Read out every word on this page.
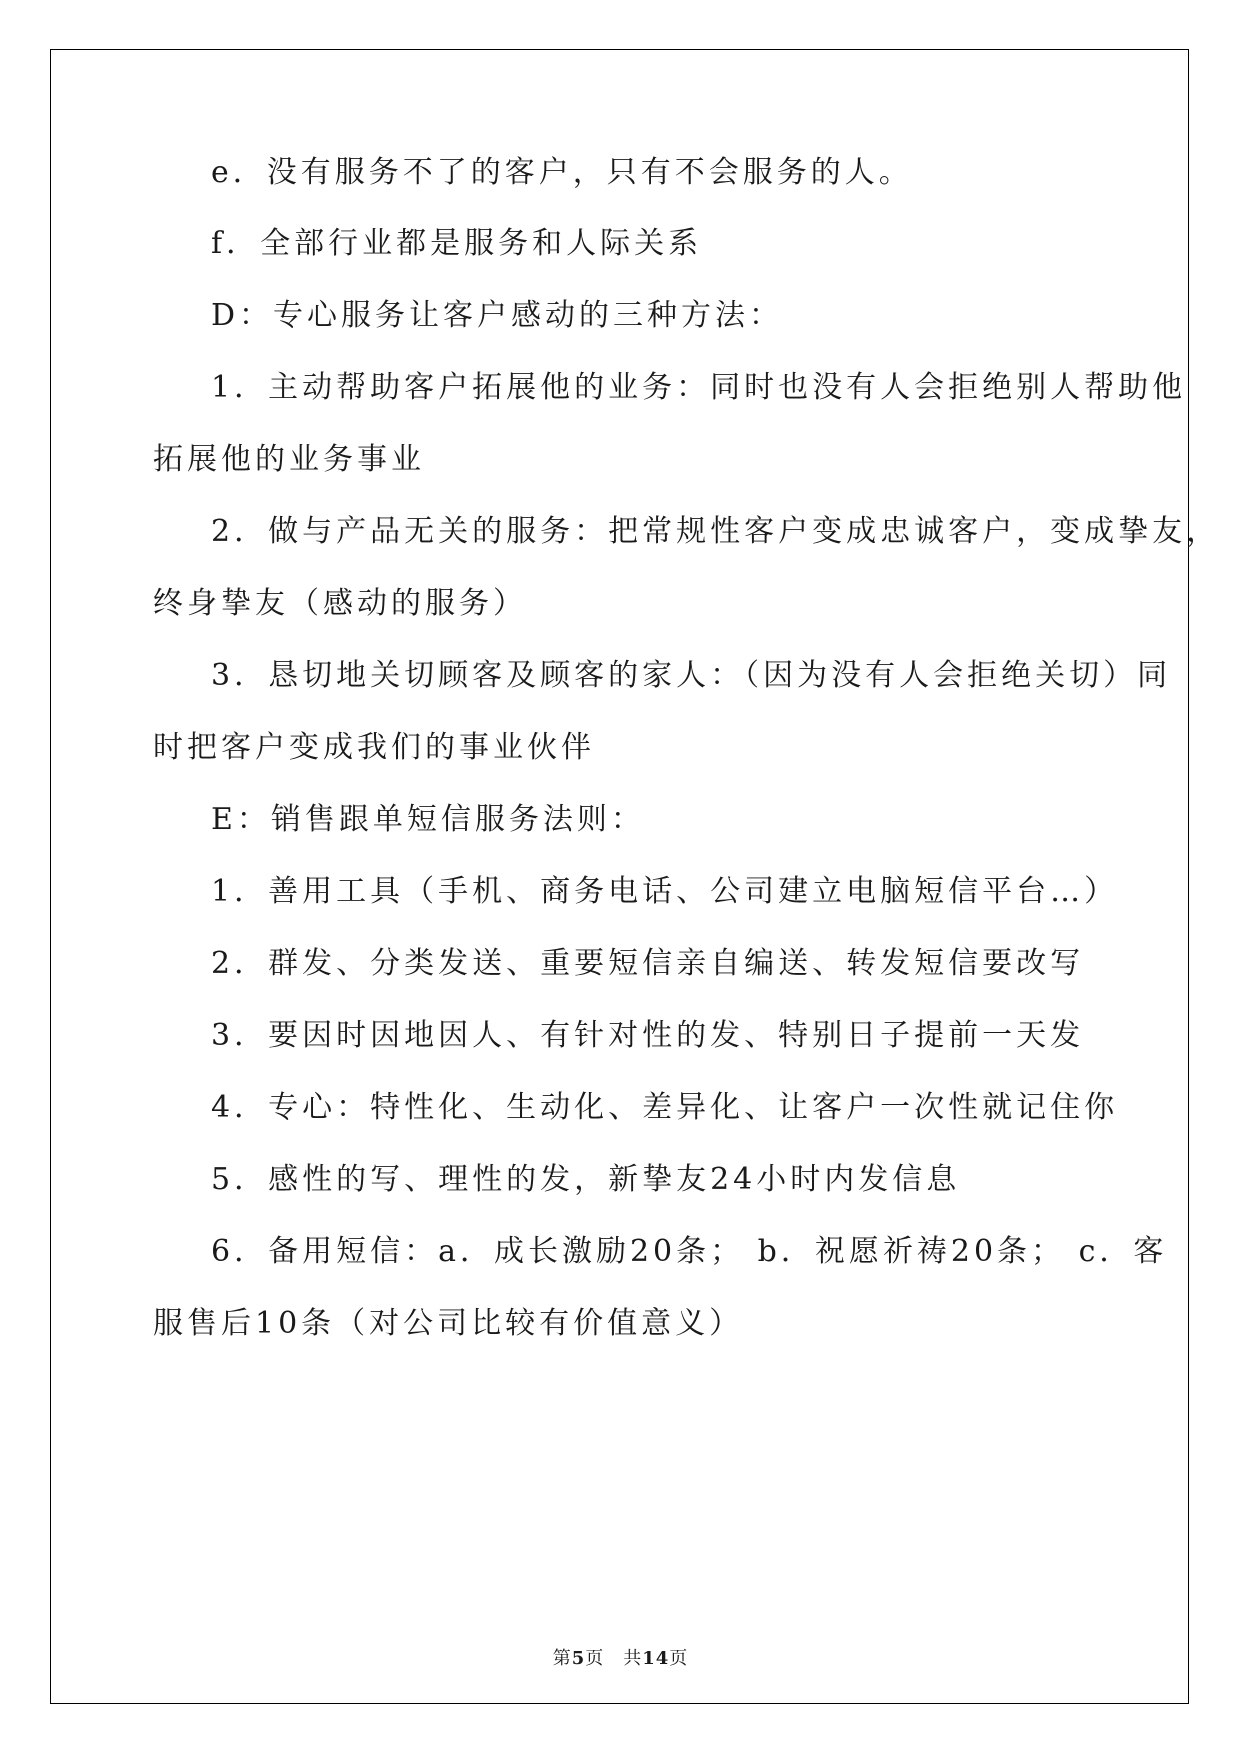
e．没有服务不了的客户，只有不会服务的人。
f．全部行业都是服务和人际关系
D：专心服务让客户感动的三种方法：
1．主动帮助客户拓展他的业务：同时也没有人会拒绝别人帮助他
拓展他的业务事业
2．做与产品无关的服务：把常规性客户变成忠诚客户，变成挚友，
终身挚友（感动的服务）
3．恳切地关切顾客及顾客的家人：（因为没有人会拒绝关切）同
时把客户变成我们的事业伙伴
E：销售跟单短信服务法则：
1．善用工具（手机、商务电话、公司建立电脑短信平台…）
2．群发、分类发送、重要短信亲自编送、转发短信要改写
3．要因时因地因人、有针对性的发、特别日子提前一天发
4．专心：特性化、生动化、差异化、让客户一次性就记住你
5．感性的写、理性的发，新挚友24小时内发信息
6．备用短信：a．成长激励20条； b．祝愿祈祷20条； c．客
服售后10条（对公司比较有价值意义）
第5页　共14页
